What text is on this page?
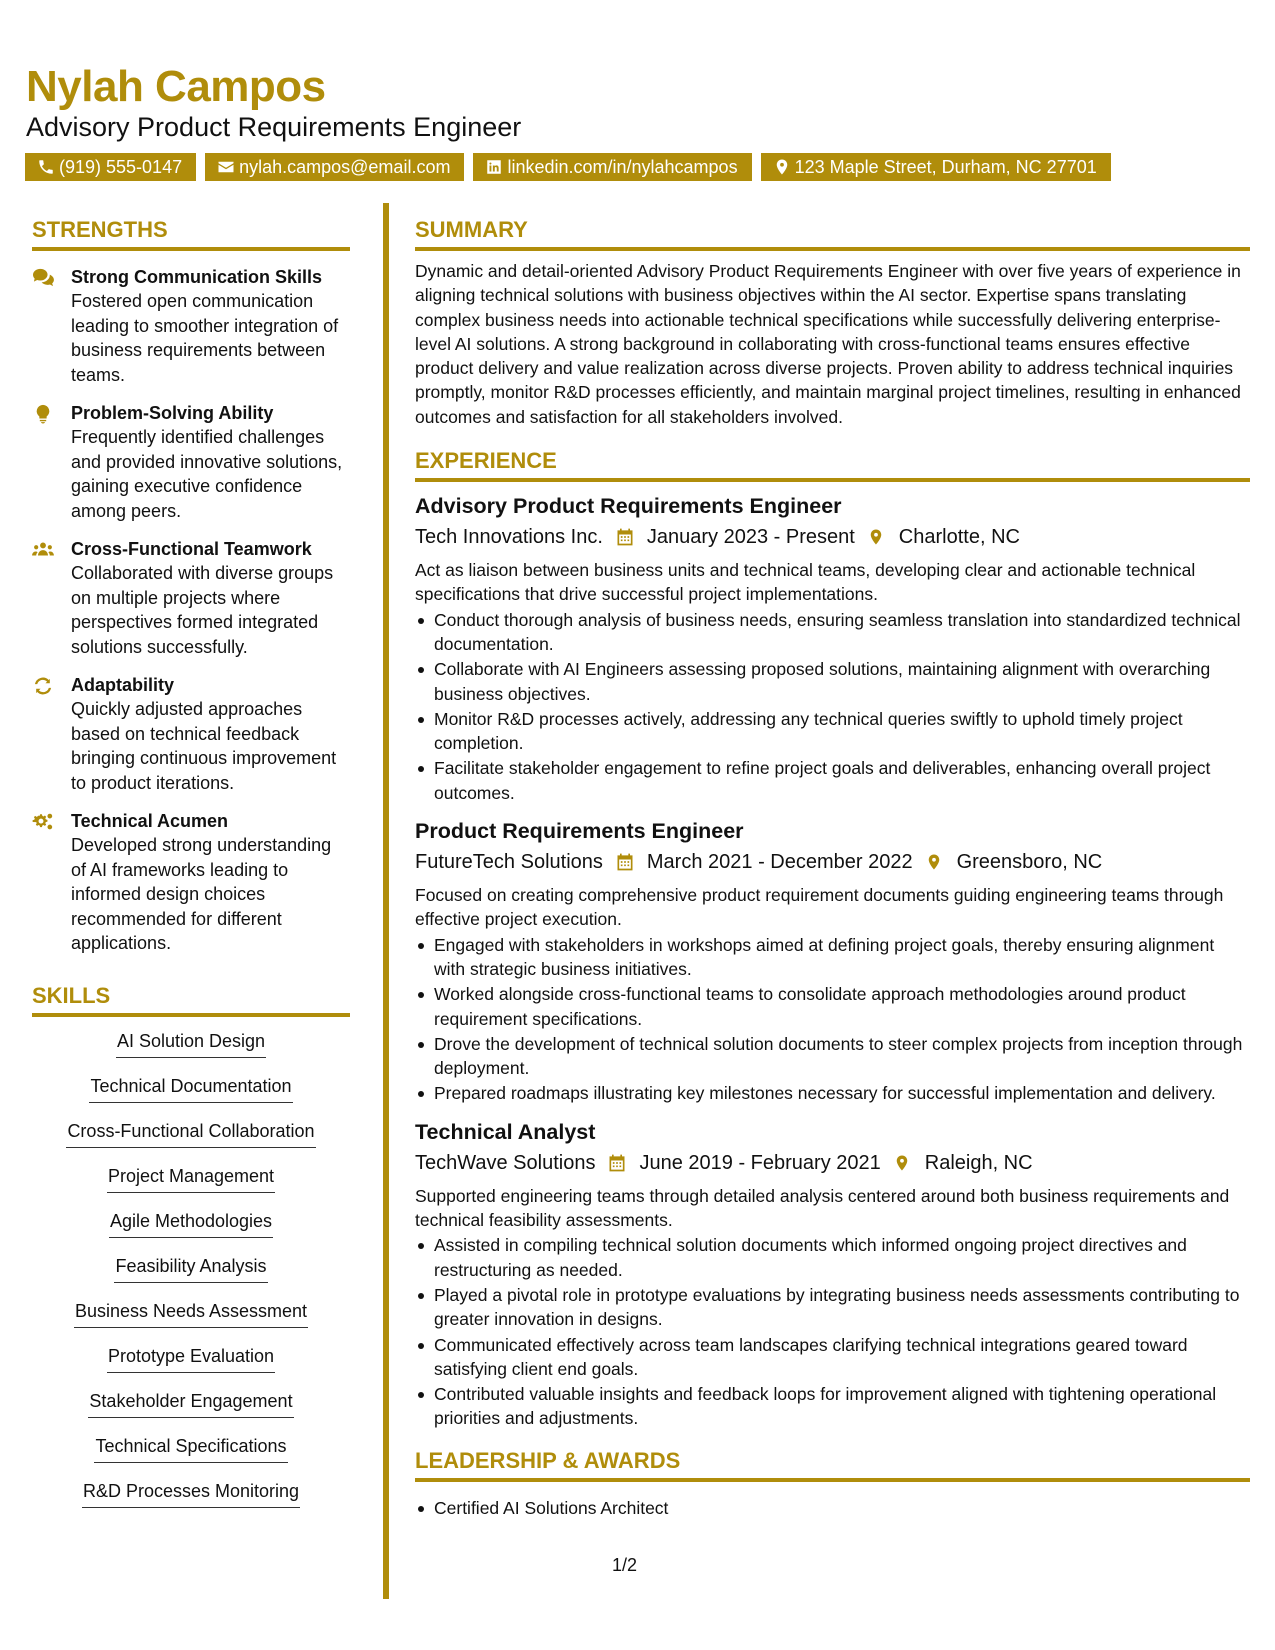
Nylah Campos
Advisory Product Requirements Engineer
(919) 555-0147	nylah.campos@email.com	linkedin.com/in/nylahcampos	123 Maple Street, Durham, NC 27701
STRENGTHS
Strong Communication Skills
Fostered open communication leading to smoother integration of business requirements between teams.
Problem-Solving Ability
Frequently identified challenges and provided innovative solutions, gaining executive confidence among peers.
Cross-Functional Teamwork
Collaborated with diverse groups on multiple projects where perspectives formed integrated solutions successfully.
Adaptability
Quickly adjusted approaches based on technical feedback bringing continuous improvement to product iterations.
Technical Acumen
Developed strong understanding of AI frameworks leading to informed design choices recommended for different applications.
SKILLS
AI Solution Design
Technical Documentation
Cross-Functional Collaboration
Project Management
Agile Methodologies
Feasibility Analysis
Business Needs Assessment
Prototype Evaluation
Stakeholder Engagement
Technical Specifications
R&D Processes Monitoring
SUMMARY
Dynamic and detail-oriented Advisory Product Requirements Engineer with over five years of experience in aligning technical solutions with business objectives within the AI sector. Expertise spans translating complex business needs into actionable technical specifications while successfully delivering enterprise-level AI solutions. A strong background in collaborating with cross-functional teams ensures effective product delivery and value realization across diverse projects. Proven ability to address technical inquiries promptly, monitor R&D processes efficiently, and maintain marginal project timelines, resulting in enhanced outcomes and satisfaction for all stakeholders involved.
EXPERIENCE
Advisory Product Requirements Engineer
Tech Innovations Inc. January 2023 - Present Charlotte, NC
Act as liaison between business units and technical teams, developing clear and actionable technical specifications that drive successful project implementations.
Conduct thorough analysis of business needs, ensuring seamless translation into standardized technical documentation.
Collaborate with AI Engineers assessing proposed solutions, maintaining alignment with overarching business objectives.
Monitor R&D processes actively, addressing any technical queries swiftly to uphold timely project completion.
Facilitate stakeholder engagement to refine project goals and deliverables, enhancing overall project outcomes.
Product Requirements Engineer
FutureTech Solutions March 2021 - December 2022 Greensboro, NC
Focused on creating comprehensive product requirement documents guiding engineering teams through effective project execution.
Engaged with stakeholders in workshops aimed at defining project goals, thereby ensuring alignment with strategic business initiatives.
Worked alongside cross-functional teams to consolidate approach methodologies around product requirement specifications.
Drove the development of technical solution documents to steer complex projects from inception through deployment.
Prepared roadmaps illustrating key milestones necessary for successful implementation and delivery.
Technical Analyst
TechWave Solutions June 2019 - February 2021 Raleigh, NC
Supported engineering teams through detailed analysis centered around both business requirements and technical feasibility assessments.
Assisted in compiling technical solution documents which informed ongoing project directives and restructuring as needed.
Played a pivotal role in prototype evaluations by integrating business needs assessments contributing to greater innovation in designs.
Communicated effectively across team landscapes clarifying technical integrations geared toward satisfying client end goals.
Contributed valuable insights and feedback loops for improvement aligned with tightening operational priorities and adjustments.
LEADERSHIP & AWARDS
Certified AI Solutions Architect
1/2
